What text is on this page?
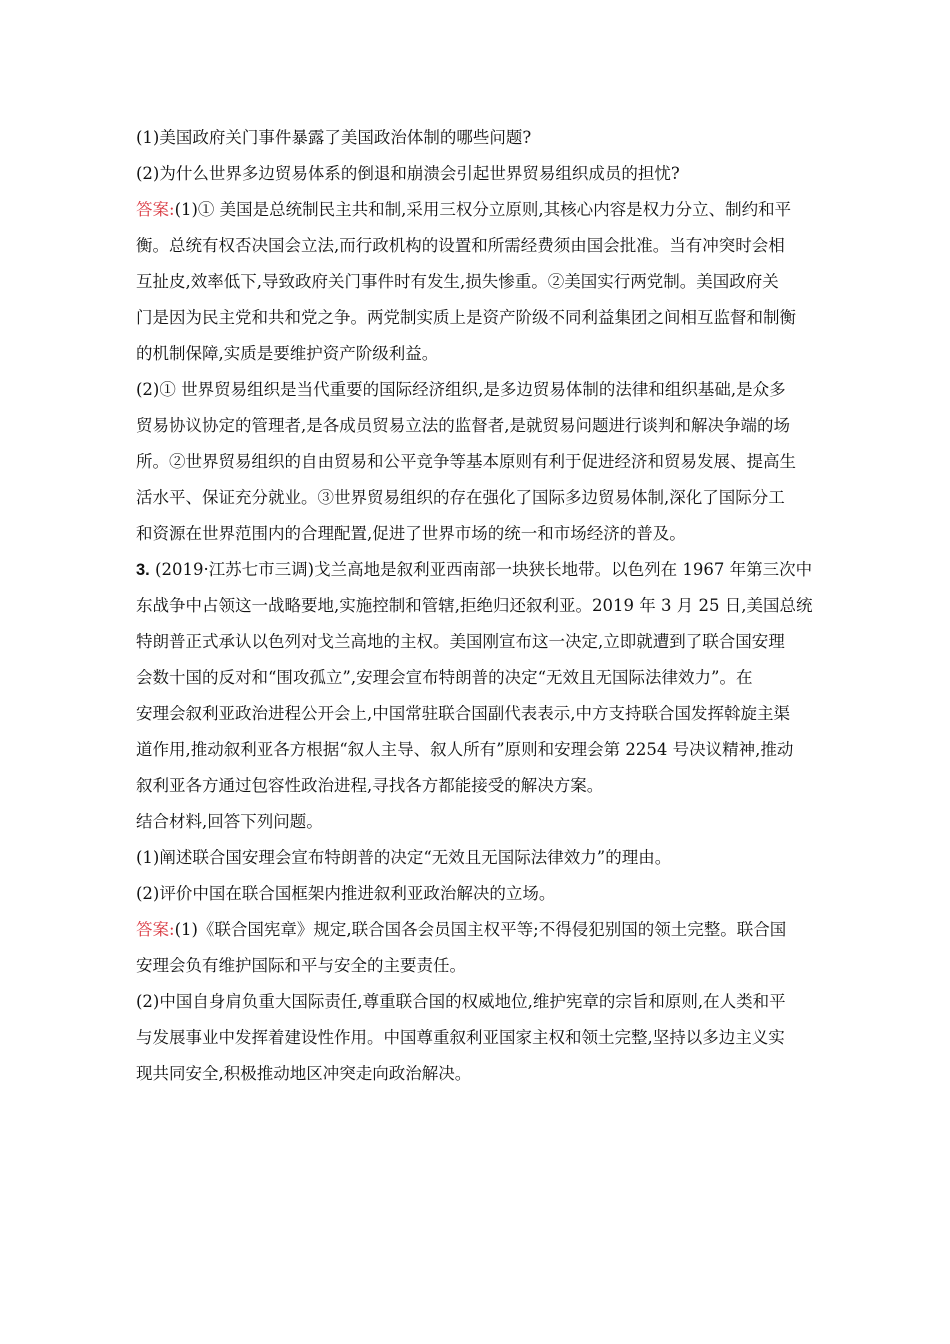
(1)美国政府关门事件暴露了美国政治体制的哪些问题?

(2)为什么世界多边贸易体系的倒退和崩溃会引起世界贸易组织成员的担忧?

答案:(1)① 美国是总统制民主共和制,采用三权分立原则,其核心内容是权力分立、制约和平

衡。总统有权否决国会立法,而行政机构的设置和所需经费须由国会批准。当有冲突时会相

互扯皮,效率低下,导致政府关门事件时有发生,损失惨重。②美国实行两党制。美国政府关

门是因为民主党和共和党之争。两党制实质上是资产阶级不同利益集团之间相互监督和制衡

的机制保障,实质是要维护资产阶级利益。

(2)① 世界贸易组织是当代重要的国际经济组织,是多边贸易体制的法律和组织基础,是众多

贸易协议协定的管理者,是各成员贸易立法的监督者,是就贸易问题进行谈判和解决争端的场

所。②世界贸易组织的自由贸易和公平竞争等基本原则有利于促进经济和贸易发展、提高生

活水平、保证充分就业。③世界贸易组织的存在强化了国际多边贸易体制,深化了国际分工

和资源在世界范围内的合理配置,促进了世界市场的统一和市场经济的普及。

3. (2019·江苏七市三调)戈兰高地是叙利亚西南部一块狭长地带。以色列在 1967 年第三次中

东战争中占领这一战略要地,实施控制和管辖,拒绝归还叙利亚。2019 年 3 月 25 日,美国总统

特朗普正式承认以色列对戈兰高地的主权。美国刚宣布这一决定,立即就遭到了联合国安理

会数十国的反对和“围攻孤立”,安理会宣布特朗普的决定“无效且无国际法律效力”。在

安理会叙利亚政治进程公开会上,中国常驻联合国副代表表示,中方支持联合国发挥斡旋主渠

道作用,推动叙利亚各方根据“叙人主导、叙人所有”原则和安理会第 2254 号决议精神,推动

叙利亚各方通过包容性政治进程,寻找各方都能接受的解决方案。

结合材料,回答下列问题。

(1)阐述联合国安理会宣布特朗普的决定“无效且无国际法律效力”的理由。

(2)评价中国在联合国框架内推进叙利亚政治解决的立场。

答案:(1)《联合国宪章》规定,联合国各会员国主权平等;不得侵犯别国的领土完整。联合国

安理会负有维护国际和平与安全的主要责任。

(2)中国自身肩负重大国际责任,尊重联合国的权威地位,维护宪章的宗旨和原则,在人类和平

与发展事业中发挥着建设性作用。中国尊重叙利亚国家主权和领土完整,坚持以多边主义实

现共同安全,积极推动地区冲突走向政治解决。
